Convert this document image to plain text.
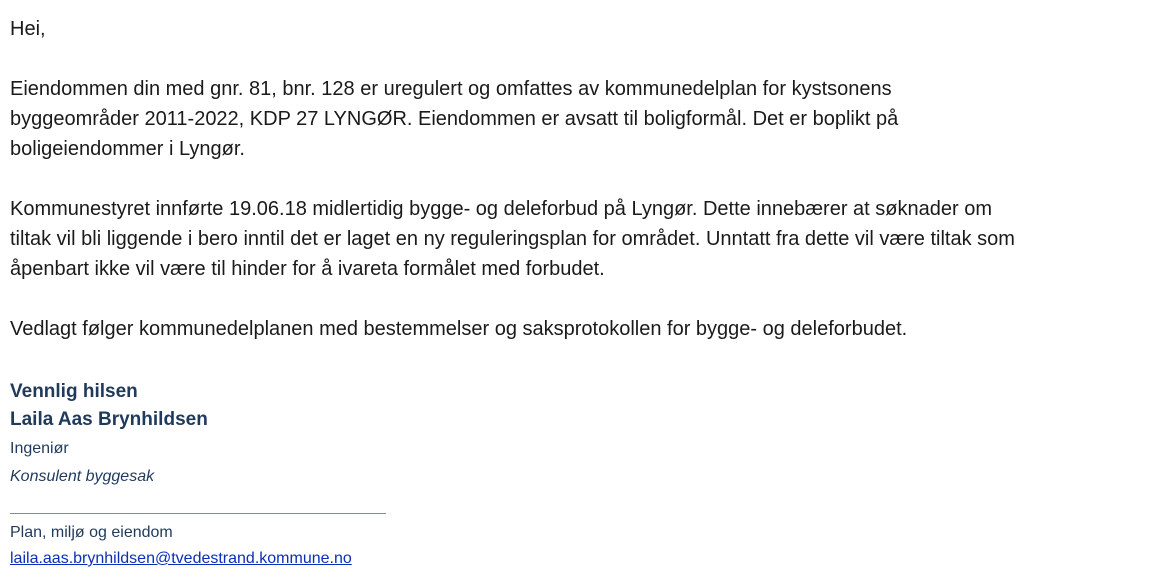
Hei,

Eiendommen din med gnr. 81, bnr. 128 er uregulert og omfattes av kommunedelplan for kystsonens

byggeområder 2011-2022, KDP 27 LYNGØR. Eiendommen er avsatt til boligformål. Det er boplikt på

boligeiendommer i Lyngør.

Kommunestyret innførte 19.06.18 midlertidig bygge- og deleforbud på Lyngør. Dette innebærer at søknader om

tiltak vil bli liggende i bero inntil det er laget en ny reguleringsplan for området. Unntatt fra dette vil være tiltak som

åpenbart ikke vil være til hinder for å ivareta formålet med forbudet.

Vedlagt følger kommunedelplanen med bestemmelser og saksprotokollen for bygge- og deleforbudet.

Vennlig hilsen
Laila Aas Brynhildsen
Ingeniør
Konsulent byggesak
Plan, miljø og eiendom
laila.aas.brynhildsen@tvedestrand.kommune.no
